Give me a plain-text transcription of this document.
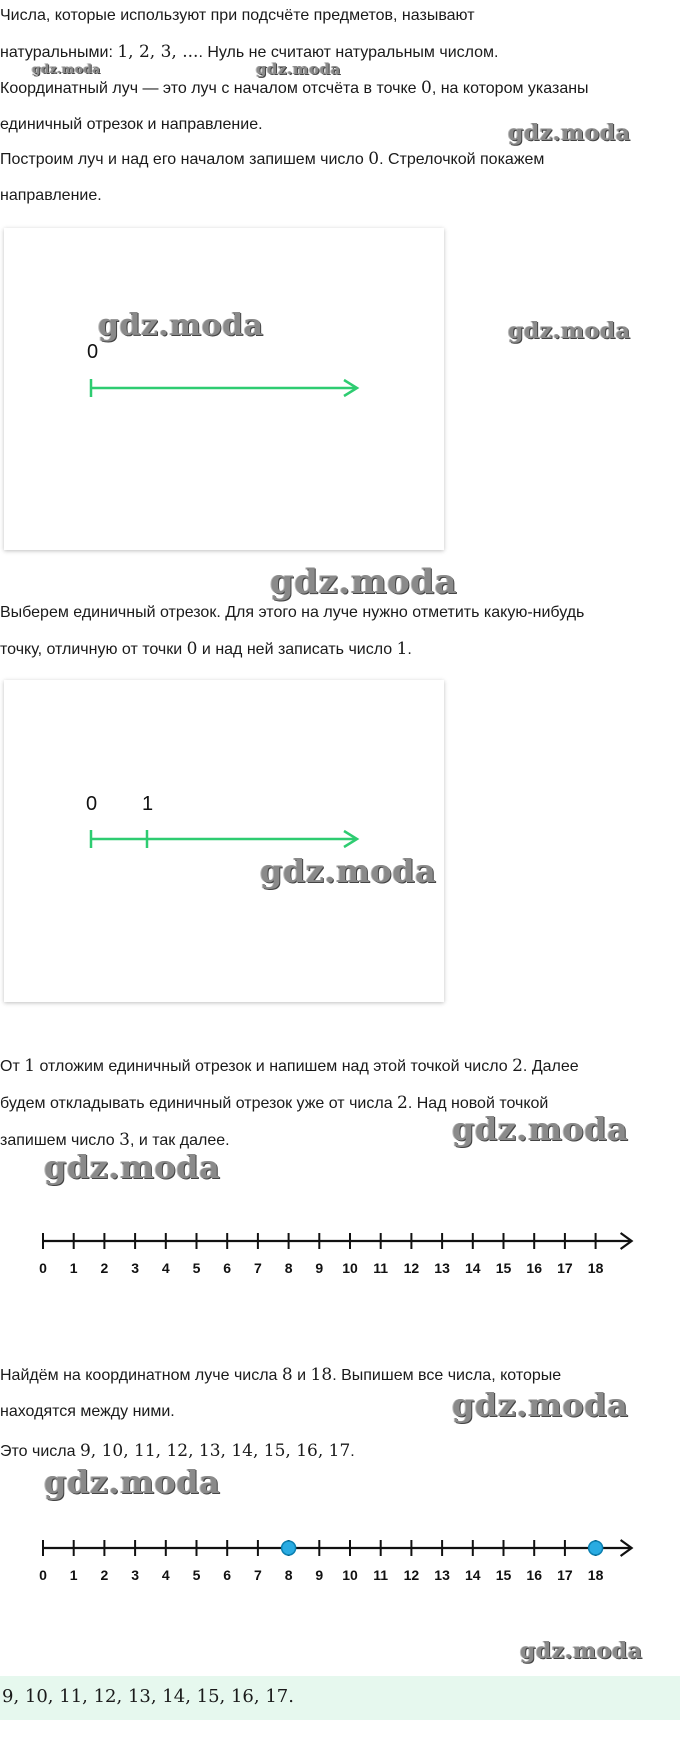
Числа, которые используют при подсчёте предметов, называют
натуральными: 1, 2, 3, .... Нуль не считают натуральным числом.
Координатный луч — это луч с началом отсчёта в точке 0, на котором указаны
единичный отрезок и направление.
Построим луч и над его началом запишем число 0. Стрелочкой покажем
направление.
0
Выберем единичный отрезок. Для этого на луче нужно отметить какую-нибудь
точку, отличную от точки 0 и над ней записать число 1.
0 1
От 1 отложим единичный отрезок и напишем над этой точкой число 2. Далее
будем откладывать единичный отрезок уже от числа 2. Над новой точкой
запишем число 3, и так далее.
0 1 2 3 4 5 6 7 8 9 10 11 12 13 14 15 16 17 18
Найдём на координатном луче числа 8 и 18. Выпишем все числа, которые
находятся между ними.
Это числа 9, 10, 11, 12, 13, 14, 15, 16, 17.
0 1 2 3 4 5 6 7 8 9 10 11 12 13 14 15 16 17 18
9, 10, 11, 12, 13, 14, 15, 16, 17.
gdz.moda	gdz.moda
gdz.moda
gdz.moda	gdz.moda
gdz.moda
gdz.moda
gdz.moda
gdz.moda
gdz.moda
gdz.moda
gdz.moda
